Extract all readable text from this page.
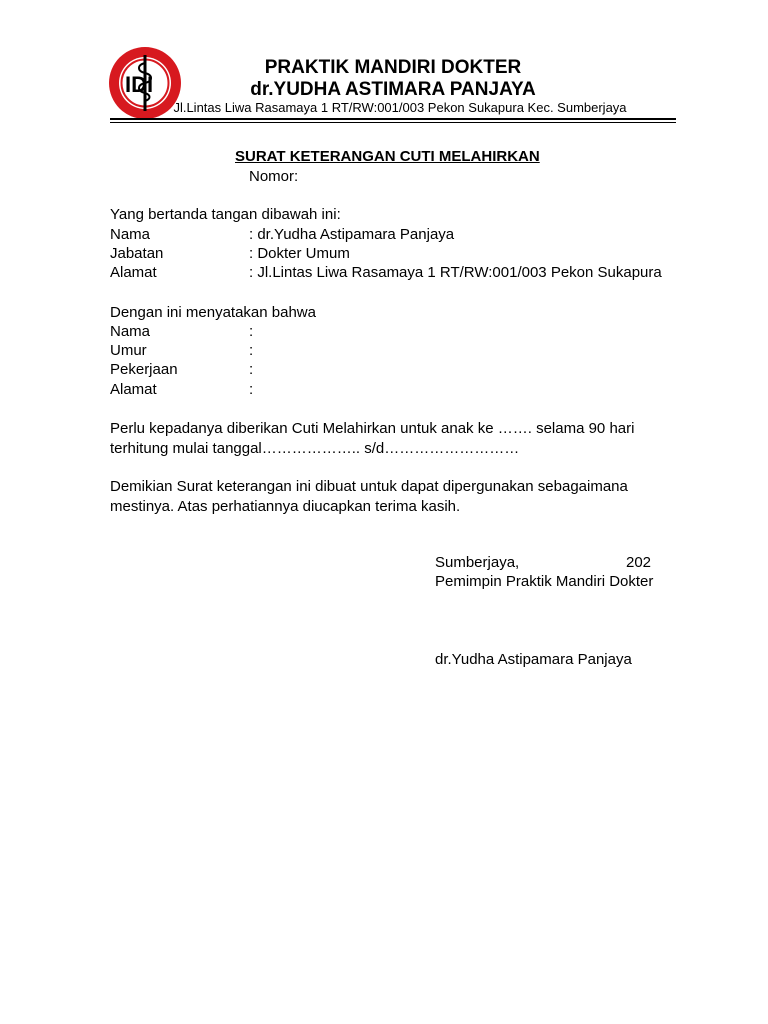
IDI
PRAKTIK MANDIRI DOKTER
dr.YUDHA ASTIMARA PANJAYA
Jl.Lintas Liwa Rasamaya 1 RT/RW:001/003 Pekon Sukapura Kec. Sumberjaya
SURAT KETERANGAN CUTI MELAHIRKAN
Nomor:
Yang bertanda tangan dibawah ini:
Nama	: dr.Yudha Astipamara Panjaya
Jabatan	: Dokter Umum
Alamat	: Jl.Lintas Liwa Rasamaya 1 RT/RW:001/003 Pekon Sukapura
Dengan ini menyatakan bahwa
Nama	:
Umur	:
Pekerjaan	:
Alamat	:
Perlu kepadanya diberikan Cuti Melahirkan untuk anak ke ……. selama 90 hari terhitung mulai tanggal……………….. s/d………………………
Demikian Surat keterangan ini dibuat untuk dapat dipergunakan sebagaimana mestinya. Atas perhatiannya diucapkan terima kasih.
Sumberjaya,	202
Pemimpin Praktik Mandiri Dokter
dr.Yudha Astipamara Panjaya
